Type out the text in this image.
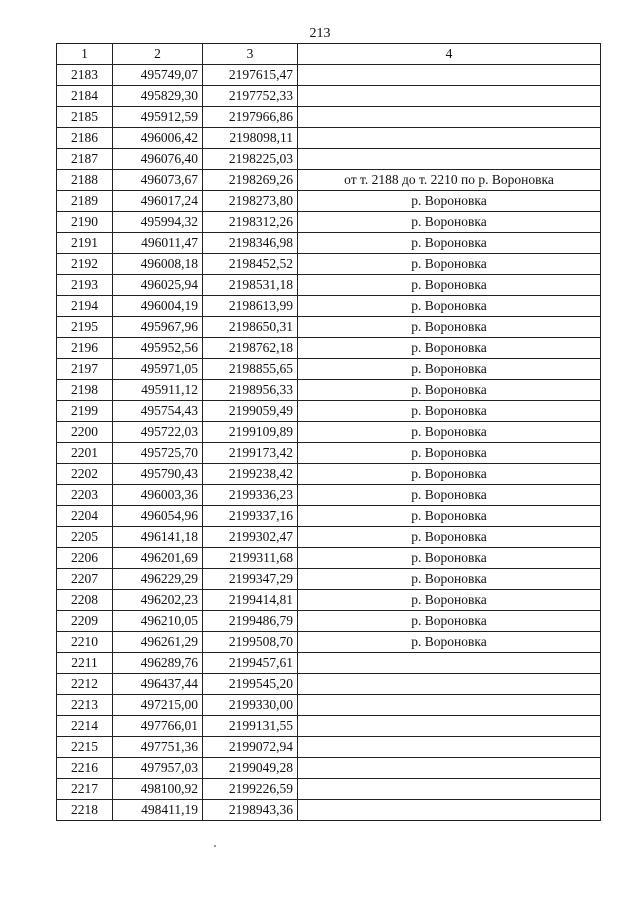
213
1	2	3	4
2183	495749,07	2197615,47	
2184	495829,30	2197752,33	
2185	495912,59	2197966,86	
2186	496006,42	2198098,11	
2187	496076,40	2198225,03	
2188	496073,67	2198269,26	от т. 2188 до т. 2210 по р. Вороновка
2189	496017,24	2198273,80	р. Вороновка
2190	495994,32	2198312,26	р. Вороновка
2191	496011,47	2198346,98	р. Вороновка
2192	496008,18	2198452,52	р. Вороновка
2193	496025,94	2198531,18	р. Вороновка
2194	496004,19	2198613,99	р. Вороновка
2195	495967,96	2198650,31	р. Вороновка
2196	495952,56	2198762,18	р. Вороновка
2197	495971,05	2198855,65	р. Вороновка
2198	495911,12	2198956,33	р. Вороновка
2199	495754,43	2199059,49	р. Вороновка
2200	495722,03	2199109,89	р. Вороновка
2201	495725,70	2199173,42	р. Вороновка
2202	495790,43	2199238,42	р. Вороновка
2203	496003,36	2199336,23	р. Вороновка
2204	496054,96	2199337,16	р. Вороновка
2205	496141,18	2199302,47	р. Вороновка
2206	496201,69	2199311,68	р. Вороновка
2207	496229,29	2199347,29	р. Вороновка
2208	496202,23	2199414,81	р. Вороновка
2209	496210,05	2199486,79	р. Вороновка
2210	496261,29	2199508,70	р. Вороновка
2211	496289,76	2199457,61	
2212	496437,44	2199545,20	
2213	497215,00	2199330,00	
2214	497766,01	2199131,55	
2215	497751,36	2199072,94	
2216	497957,03	2199049,28	
2217	498100,92	2199226,59	
2218	498411,19	2198943,36	
